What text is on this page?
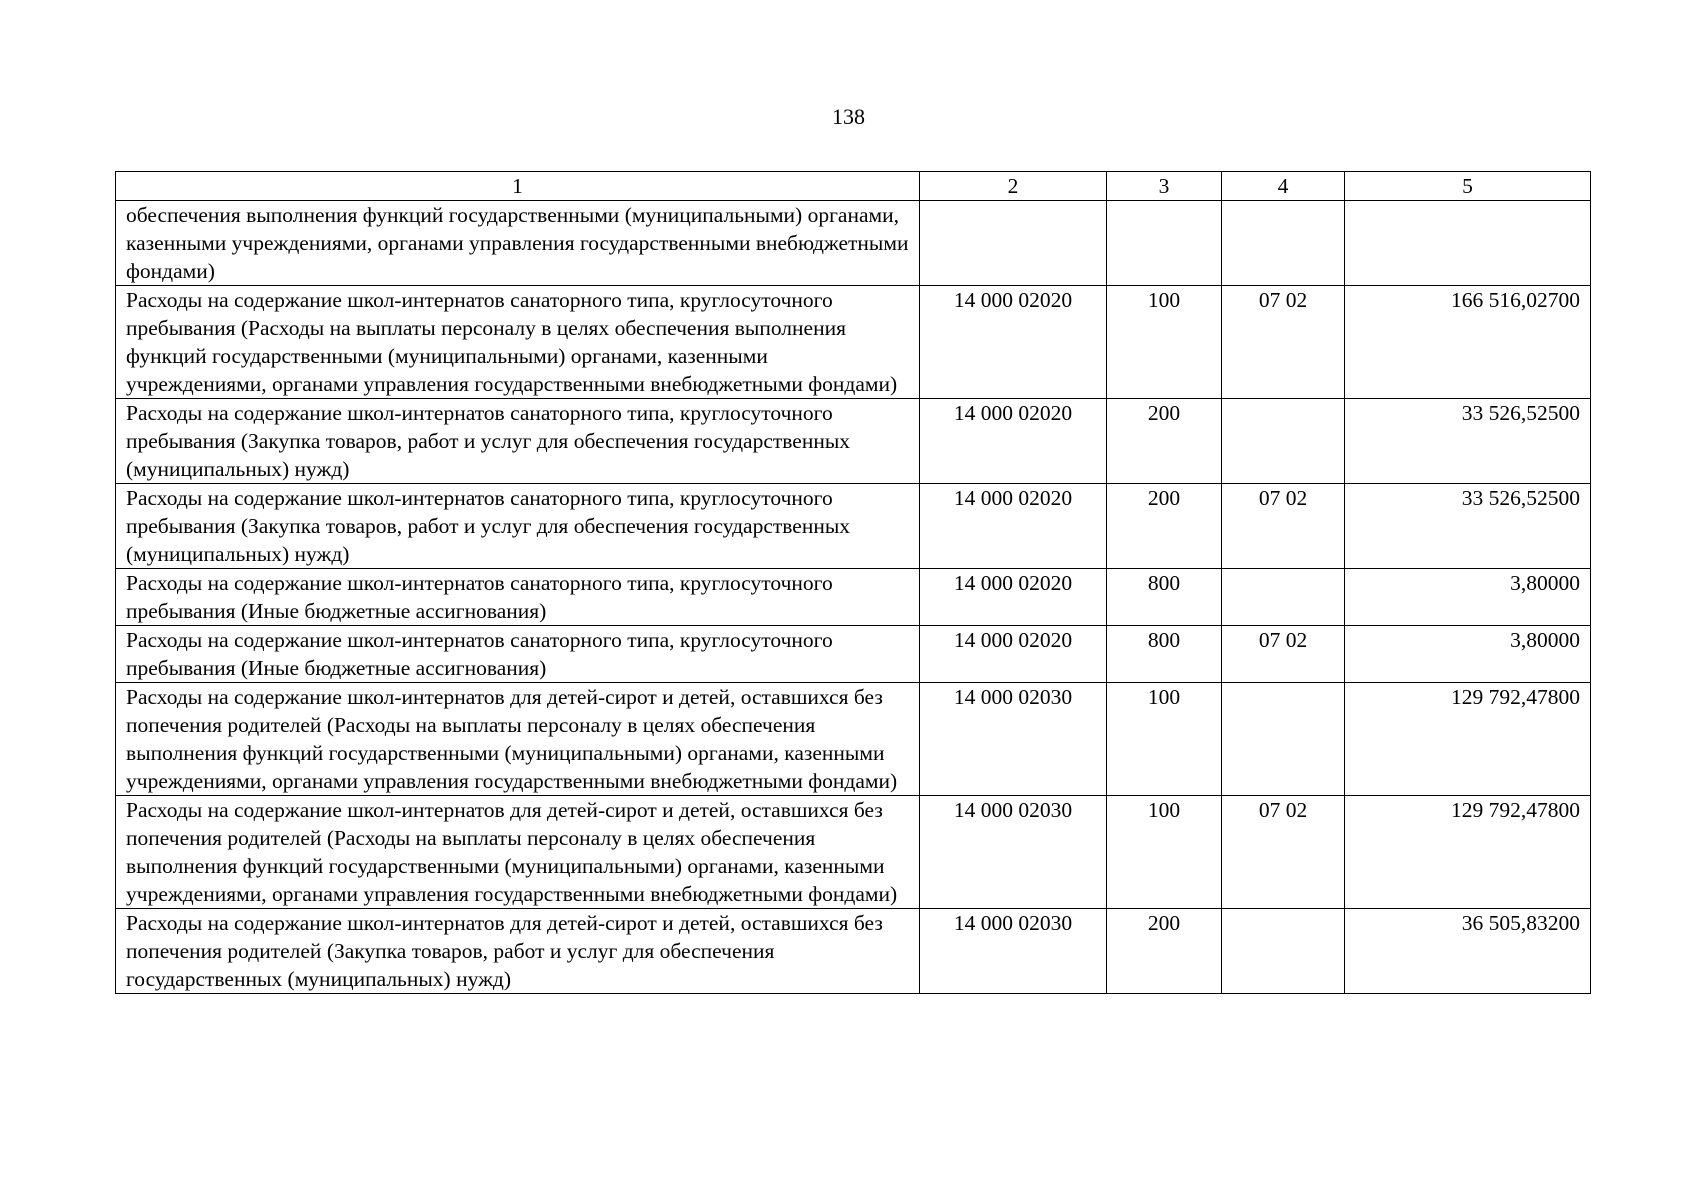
138
1	2	3	4	5
обеспечения выполнения функций государственными (муниципальными) органами, казенными учреждениями, органами управления государственными внебюджетными фондами)				
Расходы на содержание школ-интернатов санаторного типа, круглосуточного пребывания (Расходы на выплаты персоналу в целях обеспечения выполнения функций государственными (муниципальными) органами, казенными учреждениями, органами управления государственными внебюджетными фондами)	14 000 02020	100	07 02	166 516,02700
Расходы на содержание школ-интернатов санаторного типа, круглосуточного пребывания (Закупка товаров, работ и услуг для обеспечения государственных (муниципальных) нужд)	14 000 02020	200		33 526,52500
Расходы на содержание школ-интернатов санаторного типа, круглосуточного пребывания (Закупка товаров, работ и услуг для обеспечения государственных (муниципальных) нужд)	14 000 02020	200	07 02	33 526,52500
Расходы на содержание школ-интернатов санаторного типа, круглосуточного пребывания (Иные бюджетные ассигнования)	14 000 02020	800		3,80000
Расходы на содержание школ-интернатов санаторного типа, круглосуточного пребывания (Иные бюджетные ассигнования)	14 000 02020	800	07 02	3,80000
Расходы на содержание школ-интернатов для детей-сирот и детей, оставшихся без попечения родителей (Расходы на выплаты персоналу в целях обеспечения выполнения функций государственными (муниципальными) органами, казенными учреждениями, органами управления государственными внебюджетными фондами)	14 000 02030	100		129 792,47800
Расходы на содержание школ-интернатов для детей-сирот и детей, оставшихся без попечения родителей (Расходы на выплаты персоналу в целях обеспечения выполнения функций государственными (муниципальными) органами, казенными учреждениями, органами управления государственными внебюджетными фондами)	14 000 02030	100	07 02	129 792,47800
Расходы на содержание школ-интернатов для детей-сирот и детей, оставшихся без попечения родителей (Закупка товаров, работ и услуг для обеспечения государственных (муниципальных) нужд)	14 000 02030	200		36 505,83200
